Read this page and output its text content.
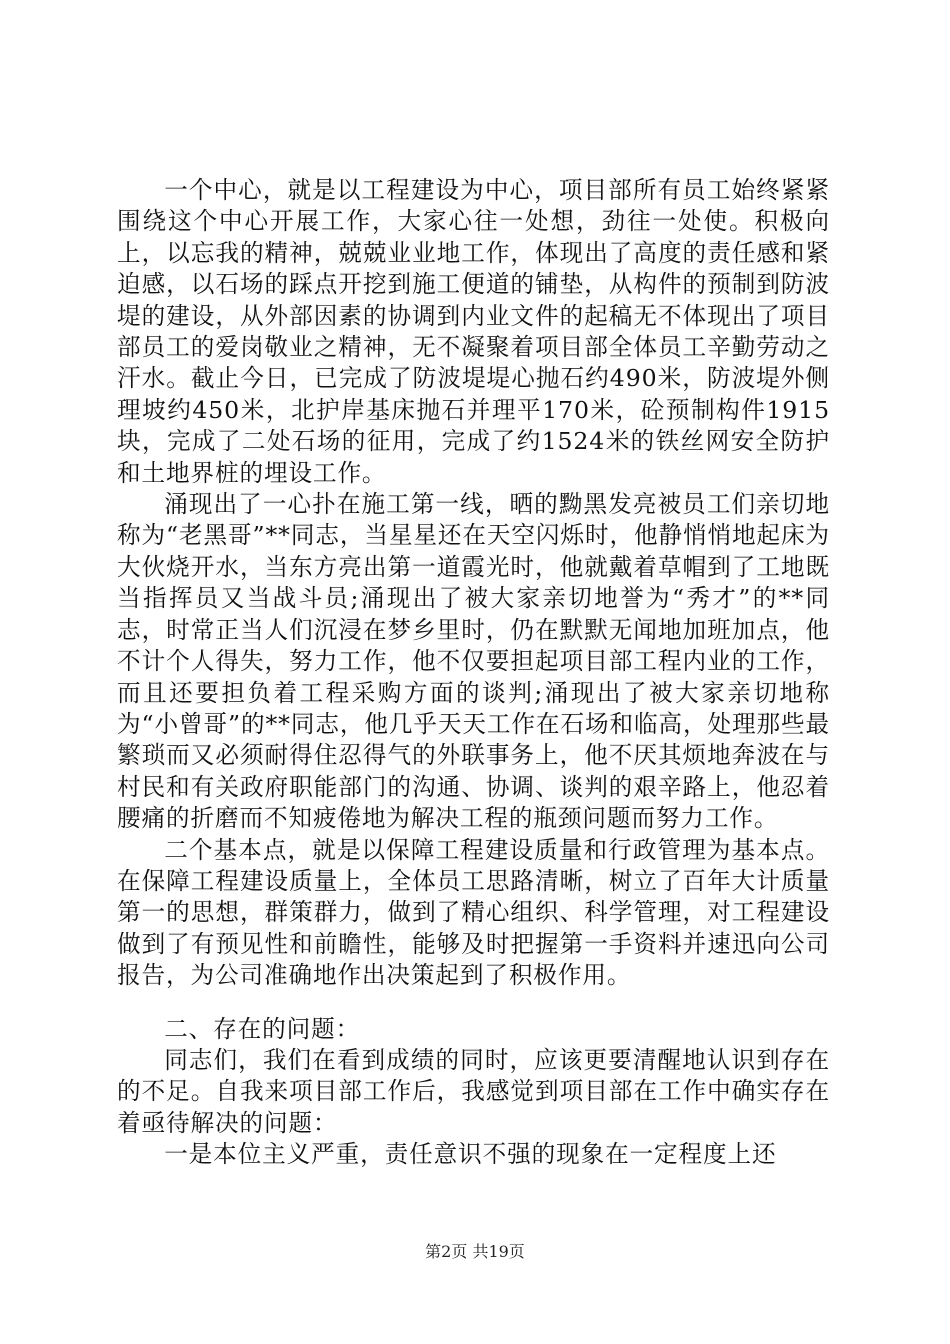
一个中心，就是以工程建设为中心，项目部所有员工始终紧紧围绕这个中心开展工作，大家心往一处想，劲往一处使。积极向上，以忘我的精神，兢兢业业地工作，体现出了高度的责任感和紧迫感，以石场的踩点开挖到施工便道的铺垫，从构件的预制到防波堤的建设，从外部因素的协调到内业文件的起稿无不体现出了项目部员工的爱岗敬业之精神，无不凝聚着项目部全体员工辛勤劳动之汗水。截止今日，已完成了防波堤堤心抛石约490米，防波堤外侧理坡约450米，北护岸基床抛石并理平170米，砼预制构件1915块，完成了二处石场的征用，完成了约1524米的铁丝网安全防护和土地界桩的埋设工作。

涌现出了一心扑在施工第一线，晒的黝黑发亮被员工们亲切地称为“老黑哥”**同志，当星星还在天空闪烁时，他静悄悄地起床为大伙烧开水，当东方亮出第一道霞光时，他就戴着草帽到了工地既当指挥员又当战斗员;涌现出了被大家亲切地誉为“秀才”的**同志，时常正当人们沉浸在梦乡里时，仍在默默无闻地加班加点，他不计个人得失，努力工作，他不仅要担起项目部工程内业的工作，而且还要担负着工程采购方面的谈判;涌现出了被大家亲切地称为“小曾哥”的**同志，他几乎天天工作在石场和临高，处理那些最繁琐而又必须耐得住忍得气的外联事务上，他不厌其烦地奔波在与村民和有关政府职能部门的沟通、协调、谈判的艰辛路上，他忍着腰痛的折磨而不知疲倦地为解决工程的瓶颈问题而努力工作。

二个基本点，就是以保障工程建设质量和行政管理为基本点。在保障工程建设质量上，全体员工思路清晰，树立了百年大计质量第一的思想，群策群力，做到了精心组织、科学管理，对工程建设做到了有预见性和前瞻性，能够及时把握第一手资料并速迅向公司报告，为公司准确地作出决策起到了积极作用。

二、存在的问题：

同志们，我们在看到成绩的同时，应该更要清醒地认识到存在的不足。自我来项目部工作后，我感觉到项目部在工作中确实存在着亟待解决的问题：

一是本位主义严重，责任意识不强的现象在一定程度上还

第2页 共19页
